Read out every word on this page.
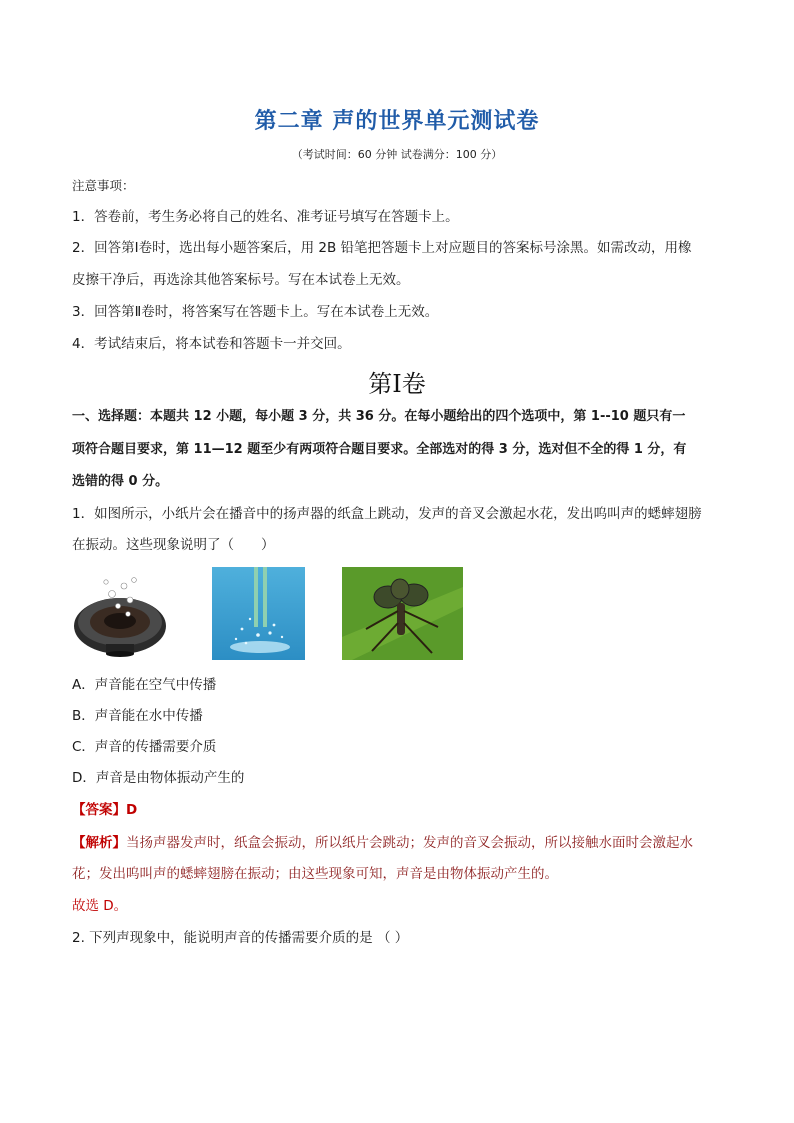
第二章 声的世界单元测试卷
（考试时间：60 分钟 试卷满分：100 分）
注意事项：
1．答卷前，考生务必将自己的姓名、准考证号填写在答题卡上。
2．回答第Ⅰ卷时，选出每小题答案后，用 2B 铅笔把答题卡上对应题目的答案标号涂黑。如需改动，用橡
皮擦干净后，再选涂其他答案标号。写在本试卷上无效。
3．回答第Ⅱ卷时，将答案写在答题卡上。写在本试卷上无效。
4．考试结束后，将本试卷和答题卡一并交回。
第Ⅰ卷
一、选择题：本题共 12 小题，每小题 3 分，共 36 分。在每小题给出的四个选项中，第 1--10 题只有一
项符合题目要求，第 11—12 题至少有两项符合题目要求。全部选对的得 3 分，选对但不全的得 1 分，有
选错的得 0 分。
1．如图所示，小纸片会在播音中的扬声器的纸盒上跳动，发声的音叉会激起水花，发出呜叫声的蟋蟀翅膀
在振动。这些现象说明了（　　）
A．声音能在空气中传播
B．声音能在水中传播
C．声音的传播需要介质
D．声音是由物体振动产生的
【答案】D
【解析】当扬声器发声时，纸盒会振动，所以纸片会跳动；发声的音叉会振动，所以接触水面时会激起水
花；发出呜叫声的蟋蟀翅膀在振动；由这些现象可知，声音是由物体振动产生的。
故选 D。
2. 下列声现象中，能说明声音的传播需要介质的是 （ ）
